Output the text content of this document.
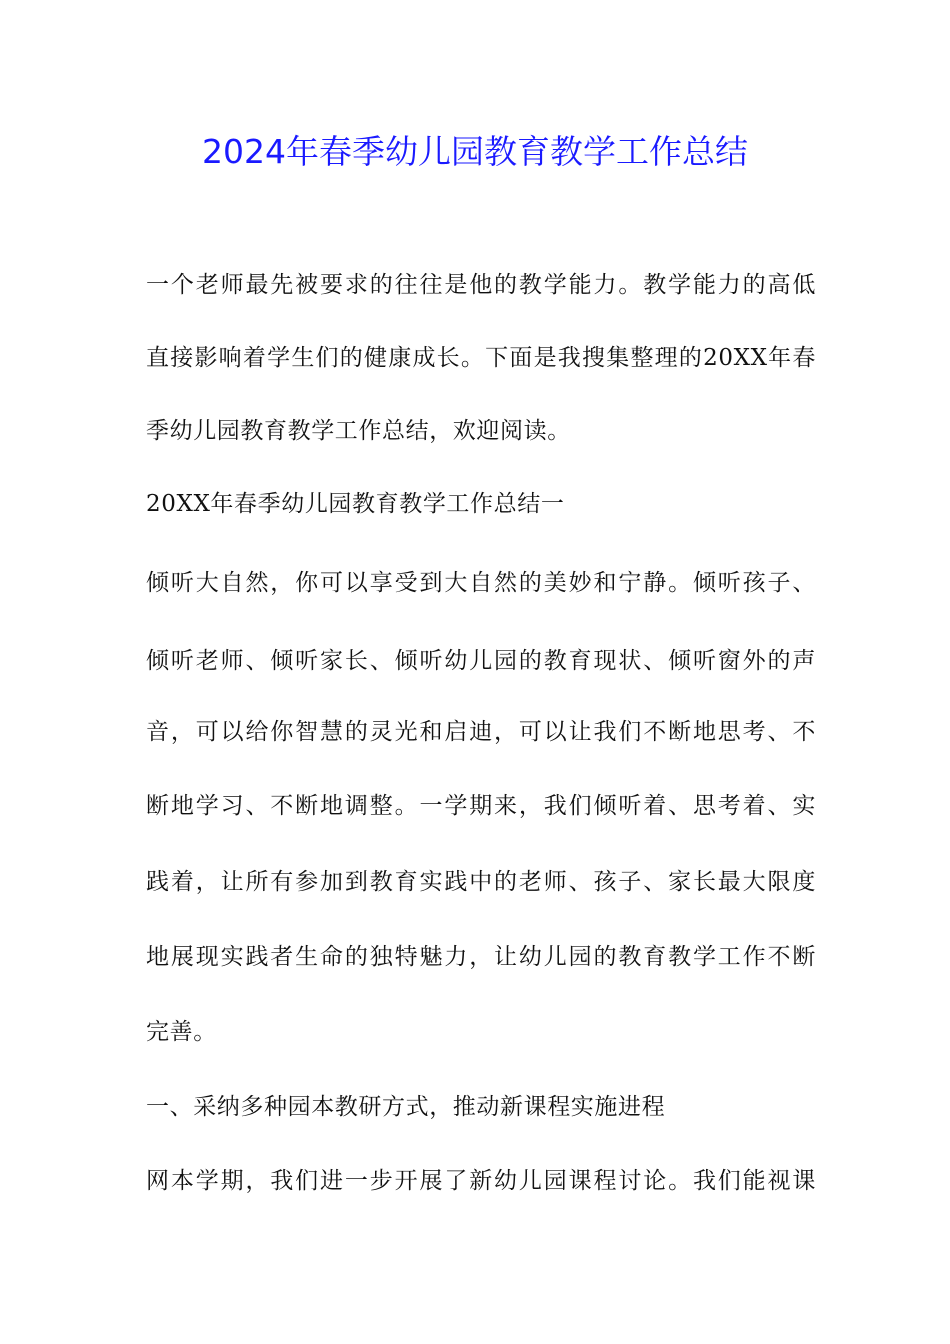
2024年春季幼儿园教育教学工作总结
一个老师最先被要求的往往是他的教学能力。教学能力的高低
直接影响着学生们的健康成长。下面是我搜集整理的20XX年春
季幼儿园教育教学工作总结，欢迎阅读。
20XX年春季幼儿园教育教学工作总结一
倾听大自然，你可以享受到大自然的美妙和宁静。倾听孩子、
倾听老师、倾听家长、倾听幼儿园的教育现状、倾听窗外的声
音，可以给你智慧的灵光和启迪，可以让我们不断地思考、不
断地学习、不断地调整。一学期来，我们倾听着、思考着、实
践着，让所有参加到教育实践中的老师、孩子、家长最大限度
地展现实践者生命的独特魅力，让幼儿园的教育教学工作不断
完善。
一、采纳多种园本教研方式，推动新课程实施进程
网本学期，我们进一步开展了新幼儿园课程讨论。我们能视课
